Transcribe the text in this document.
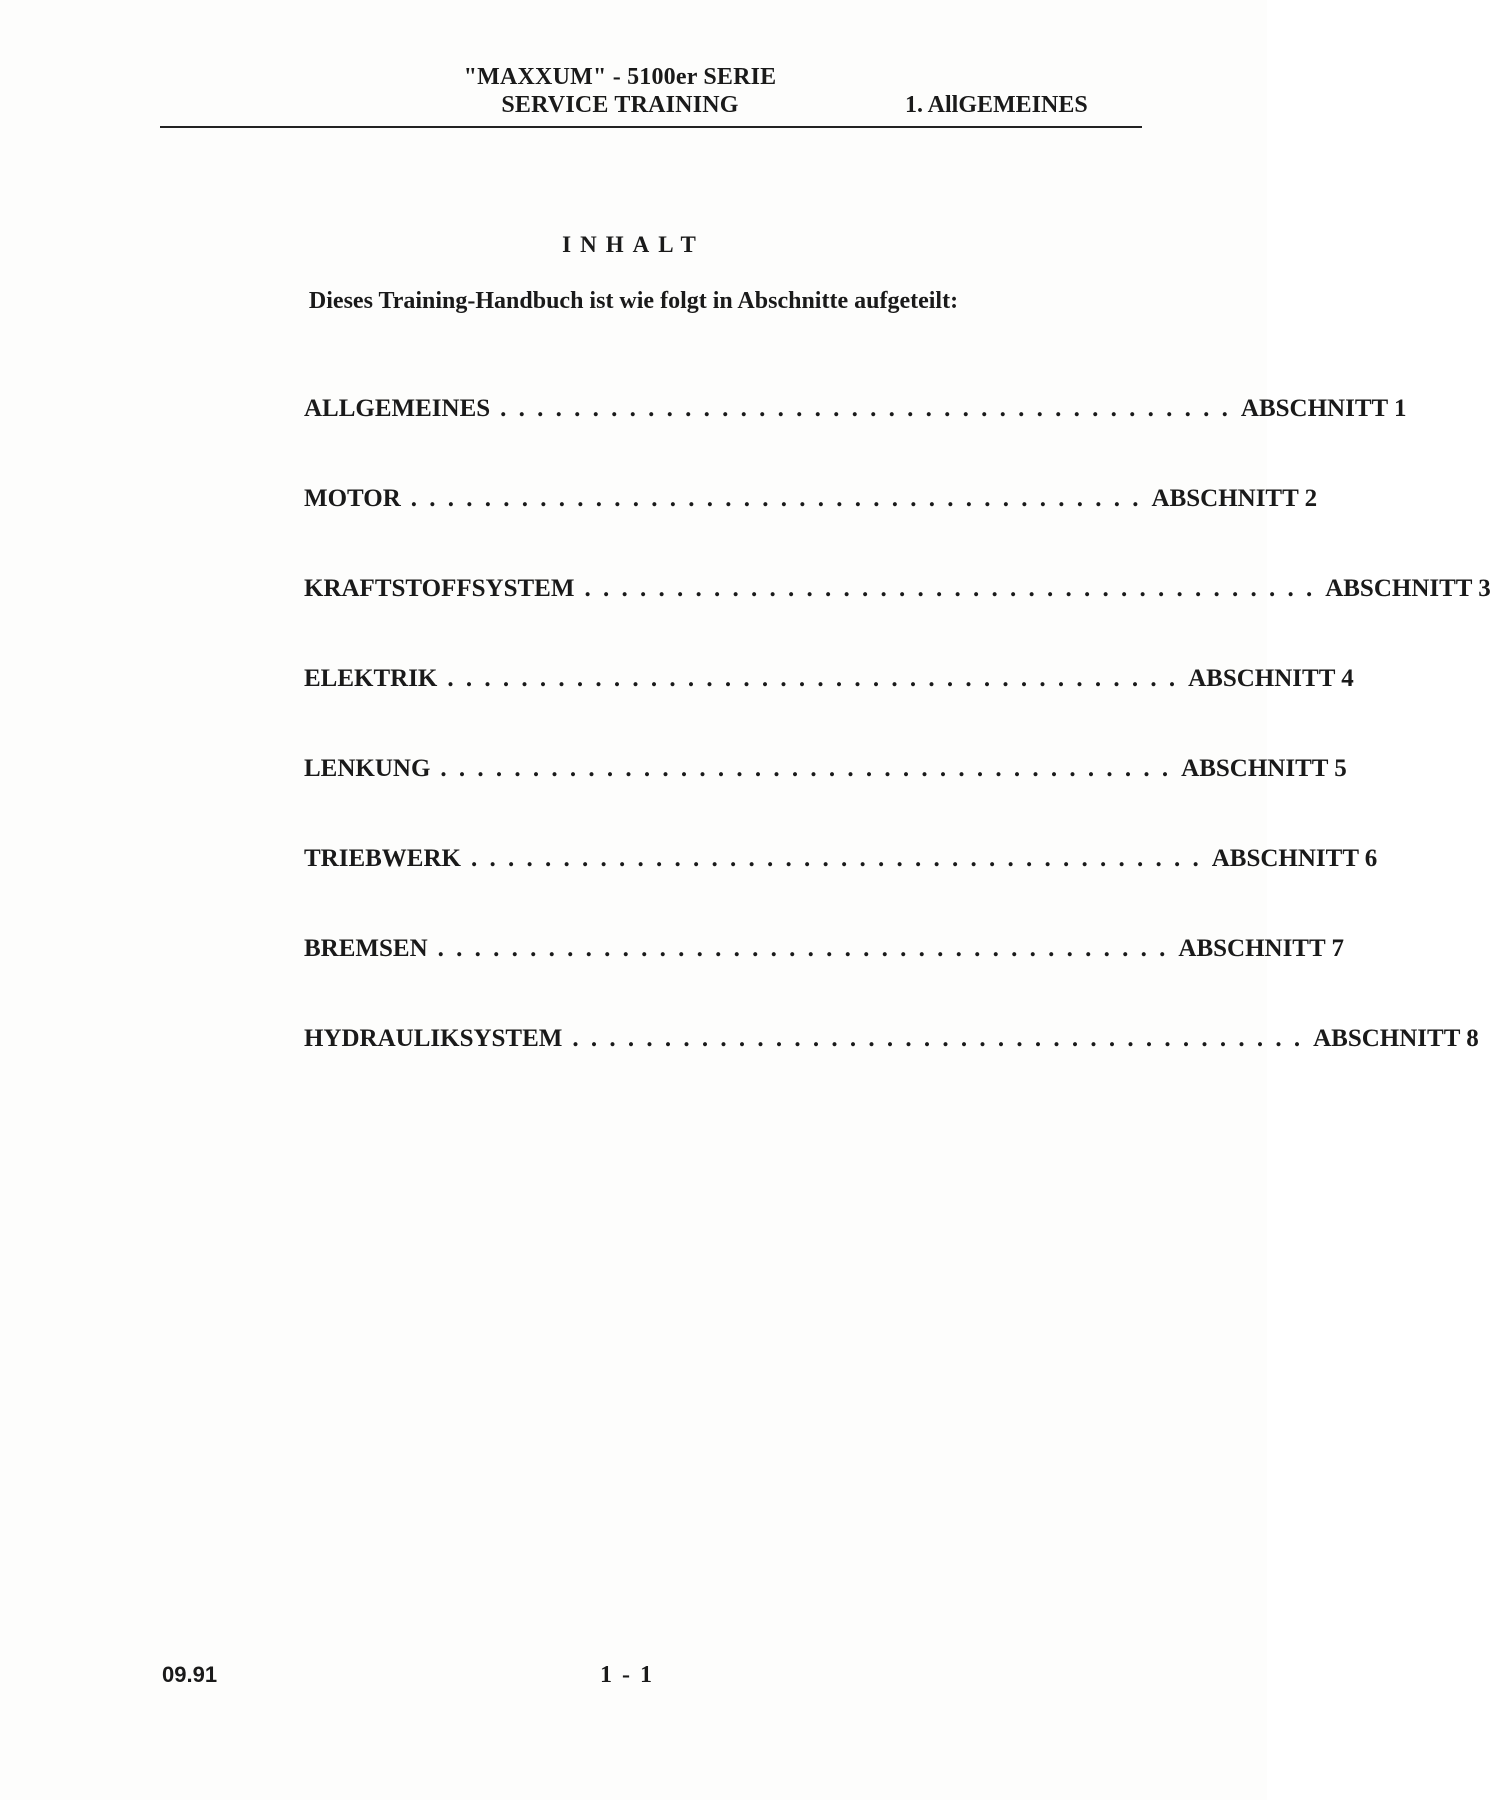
"MAXXUM" - 5100er SERIE
SERVICE TRAINING	1. AllGEMEINES
INHALT
Dieses Training-Handbuch ist wie folgt in Abschnitte aufgeteilt:
ALLGEMEINES . . . . . . . . . . . . . . . . . . . . . . . . . . . . . . . . . . . . . . . . ABSCHNITT 1
MOTOR . . . . . . . . . . . . . . . . . . . . . . . . . . . . . . . . . . . . . . . . ABSCHNITT 2
KRAFTSTOFFSYSTEM . . . . . . . . . . . . . . . . . . . . . . . . . . . . . . . . . . . . . . . . ABSCHNITT 3
ELEKTRIK . . . . . . . . . . . . . . . . . . . . . . . . . . . . . . . . . . . . . . . . ABSCHNITT 4
LENKUNG . . . . . . . . . . . . . . . . . . . . . . . . . . . . . . . . . . . . . . . . ABSCHNITT 5
TRIEBWERK . . . . . . . . . . . . . . . . . . . . . . . . . . . . . . . . . . . . . . . . ABSCHNITT 6
BREMSEN . . . . . . . . . . . . . . . . . . . . . . . . . . . . . . . . . . . . . . . . ABSCHNITT 7
HYDRAULIKSYSTEM . . . . . . . . . . . . . . . . . . . . . . . . . . . . . . . . . . . . . . . . ABSCHNITT 8
09.91	1 - 1
